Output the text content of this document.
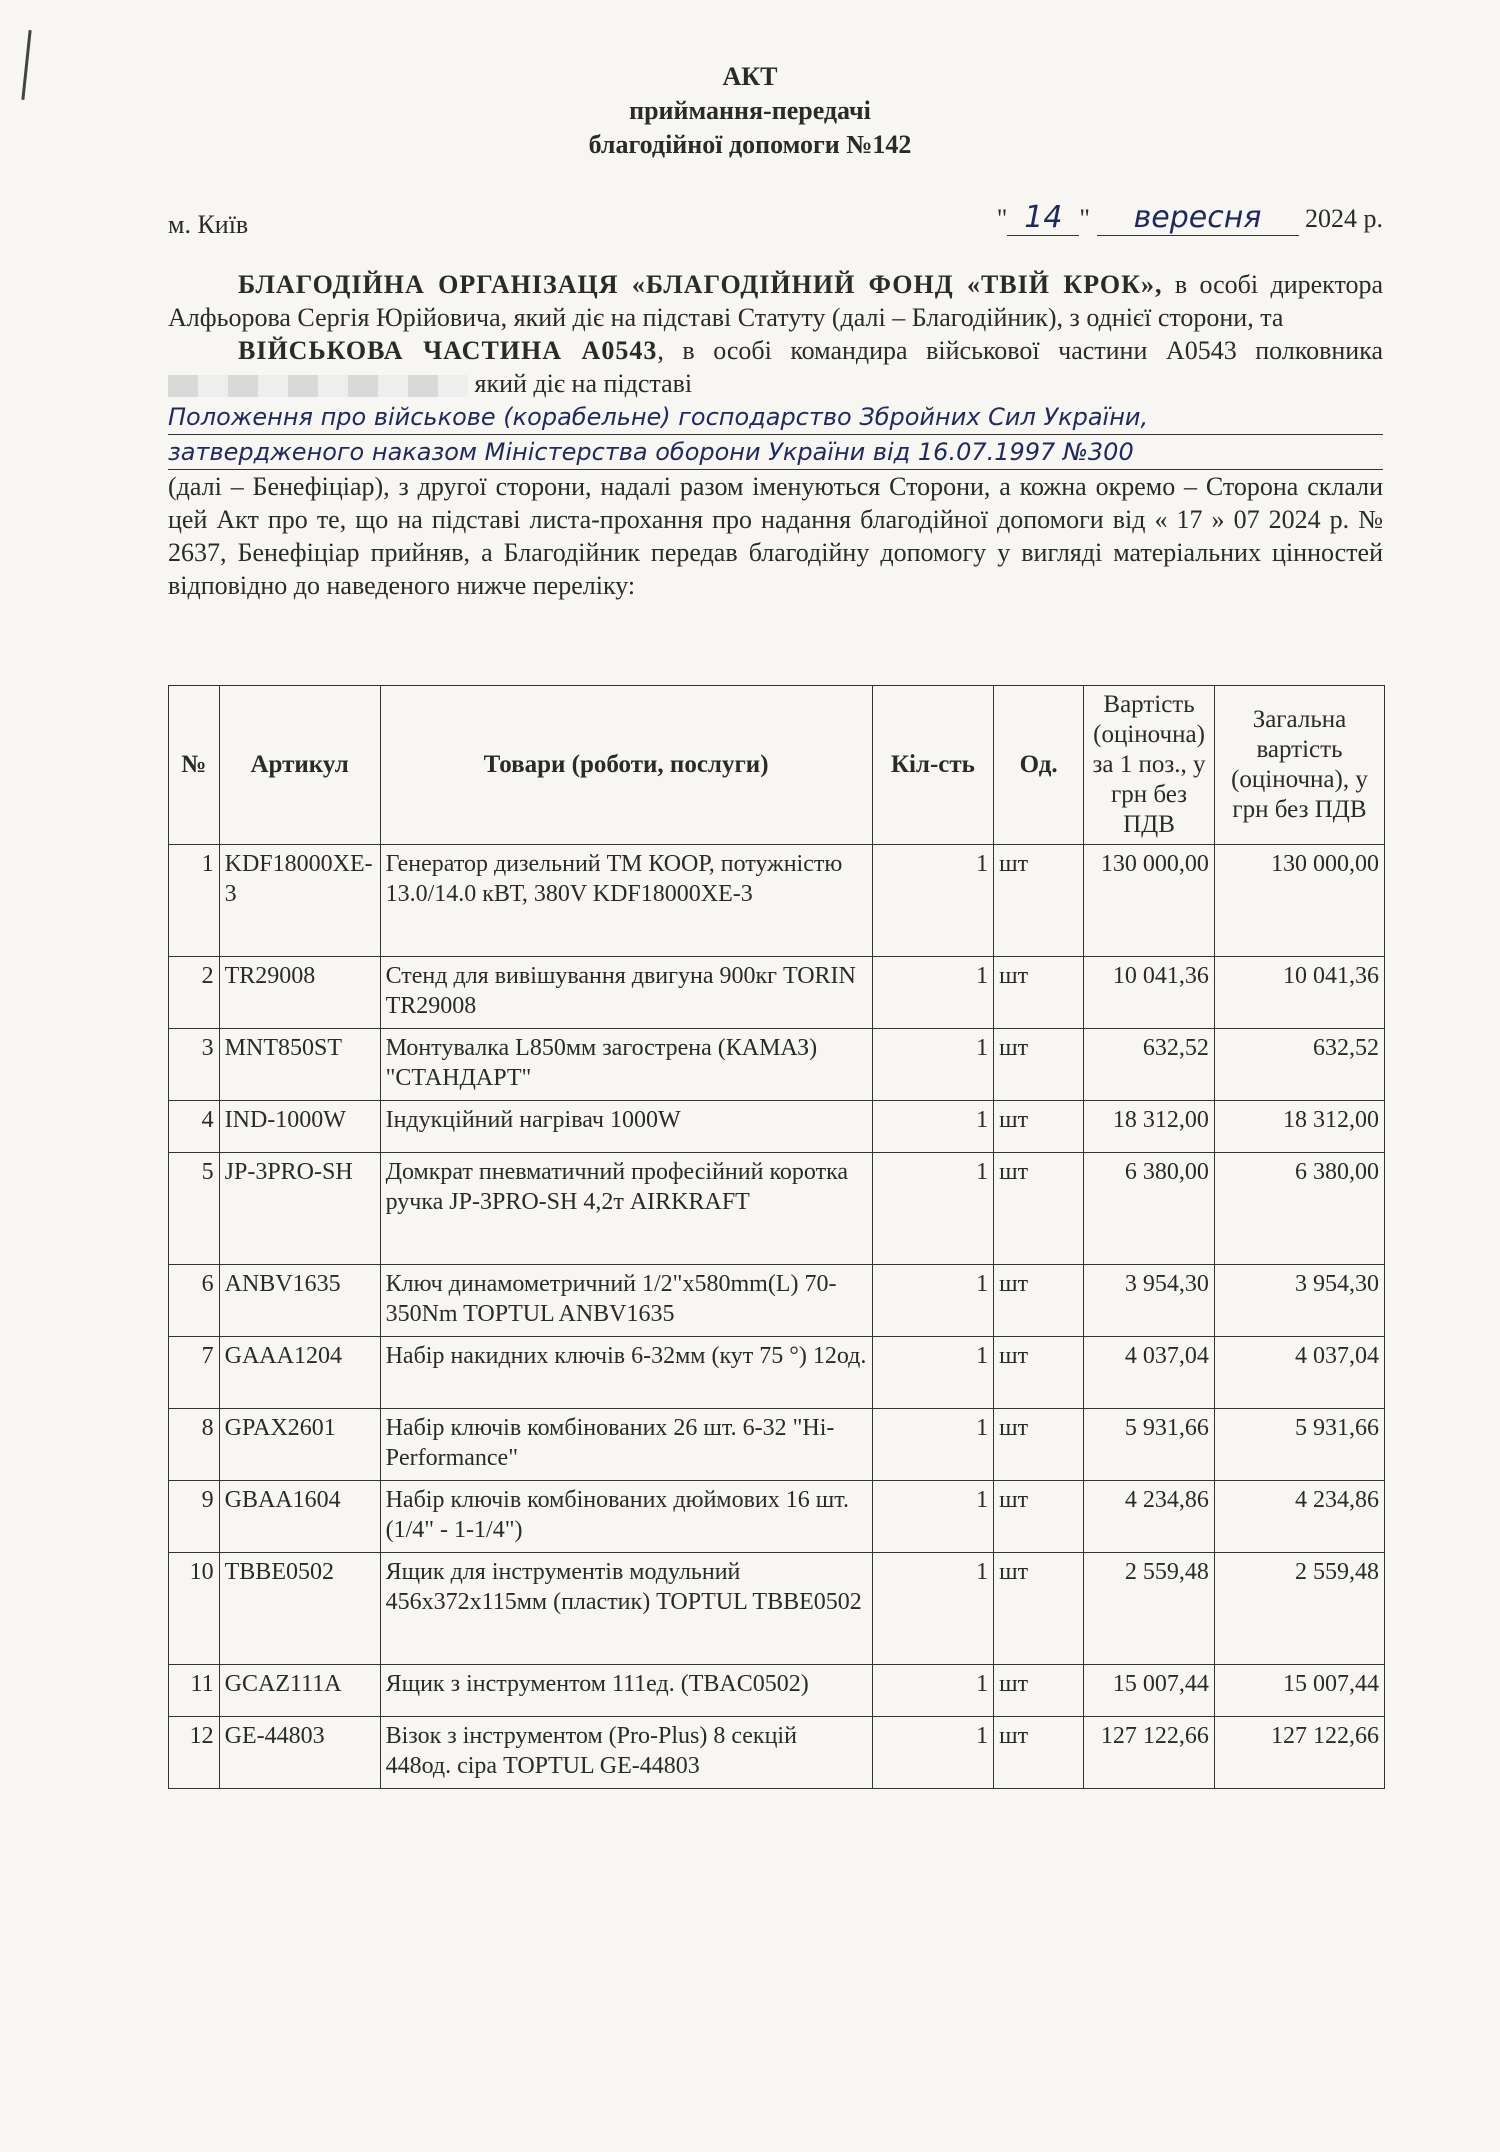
АКТ
приймання-передачі
благодійної допомоги №142
м. Київ	" 14 " вересня 2024 р.

БЛАГОДІЙНА ОРГАНІЗАЦЯ «БЛАГОДІЙНИЙ ФОНД «ТВІЙ КРОК», в особі директора Алфьорова Сергія Юрійовича, який діє на підставі Статуту (далі – Благодійник), з однієї сторони, та

ВІЙСЬКОВА ЧАСТИНА А0543, в особі командира військової частини А0543 полковника  який діє на підставі

Положення про військове (корабельне) господарство Збройних Сил України,
затвердженого наказом Міністерства оборони України від 16.07.1997 №300

(далі – Бенефіціар), з другої сторони, надалі разом іменуються Сторони, а кожна окремо – Сторона склали цей Акт про те, що на підставі листа-прохання про надання благодійної допомоги від « 17 » 07 2024 р. № 2637, Бенефіціар прийняв, а Благодійник передав благодійну допомогу у вигляді матеріальних цінностей відповідно до наведеного нижче переліку:

№	Артикул	Товари (роботи, послуги)	Кіл-сть	Од.	Вартість (оціночна) за 1 поз., у грн без ПДВ	Загальна вартість (оціночна), у грн без ПДВ
1	KDF18000XE-3	Генератор дизельний ТМ КООР, потужністю 13.0/14.0 кВТ, 380V KDF18000XE-3	1	шт	130 000,00	130 000,00
2	TR29008	Стенд для вивішування двигуна 900кг TORIN TR29008	1	шт	10 041,36	10 041,36
3	MNT850ST	Монтувалка L850мм загострена (КАМАЗ) "СТАНДАРТ"	1	шт	632,52	632,52
4	IND-1000W	Індукційний нагрівач 1000W	1	шт	18 312,00	18 312,00
5	JP-3PRO-SH	Домкрат пневматичний професійний коротка ручка JP-3PRO-SH 4,2т AIRKRAFT	1	шт	6 380,00	6 380,00
6	ANBV1635	Ключ динамометричний 1/2"x580mm(L) 70-350Nm TOPTUL ANBV1635	1	шт	3 954,30	3 954,30
7	GAAA1204	Набір накидних ключів 6-32мм (кут 75 °) 12од.	1	шт	4 037,04	4 037,04
8	GPAX2601	Набір ключів комбінованих 26 шт. 6-32 "Hi-Performance"	1	шт	5 931,66	5 931,66
9	GBAA1604	Набір ключів комбінованих дюймових 16 шт. (1/4" - 1-1/4")	1	шт	4 234,86	4 234,86
10	TBBE0502	Ящик для інструментів модульний 456x372x115мм (пластик) TOPTUL TBBE0502	1	шт	2 559,48	2 559,48
11	GCAZ111A	Ящик з інструментом 111ед. (TBAC0502)	1	шт	15 007,44	15 007,44
12	GE-44803	Візок з інструментом (Pro-Plus) 8 секцій 448од. сіра TOPTUL GE-44803	1	шт	127 122,66	127 122,66
